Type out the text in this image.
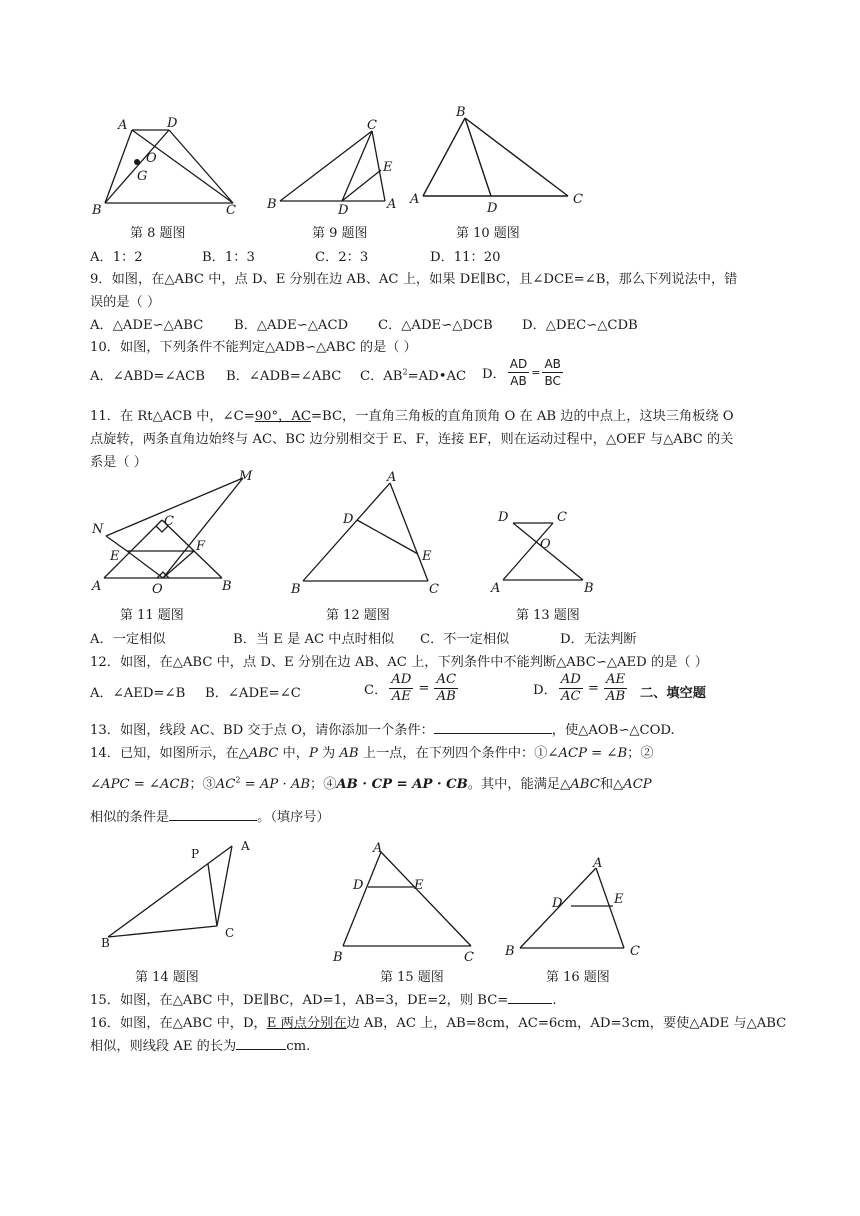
A	D
O
G
B	C
C
E
B	D	A
B
A
D
C
第 8 题图	第 9 题图	第 10 题图
A．1：2	B．1：3	C．2：3	D．11：20
9．如图，在△ABC 中，点 D、E 分别在边 AB、AC 上，如果 DE∥BC，且∠DCE=∠B，那么下列说法中，错
误的是（ ）
A．△ADE∽△ABC B．△ADE∽△ACD C．△ADE∽△DCB D．△DEC∽△CDB
10．如图，下列条件不能判定△ADB∽△ABC 的是（ ）
A．∠ABD=∠ACB B．∠ADB=∠ABC C．$AB^2=AD•AC$ D． $\frac{AD}{AB} = \frac{AB}{BC}$
11．在 Rt△ACB 中，∠C=90°，AC=BC，一直角三角板的直角顶角 O 在 AB 边的中点上，这块三角板绕 O
点旋转，两条直角边始终与 AC、BC 边分别相交于 E、F，连接 EF，则在运动过程中，△OEF 与△ABC 的关
系是（ ）
M
N
C
E
F
A	O	B
A
D
E
B	C
D	C
O
A	B
第 11 题图	第 12 题图	第 13 题图
A．一定相似	B．当 E 是 AC 中点时相似 C．不一定相似	D．无法判断
12．如图，在△ABC 中，点 D、E 分别在边 AB、AC 上，下列条件中不能判断△ABC∽△AED 的是（ ）
A．∠AED=∠B B．∠ADE=∠C	C． $\frac{AD}{AE} = \frac{AC}{AB}$	D． $\frac{AD}{AC} = \frac{AE}{AB}$ 二、填空题
13．如图，线段 AC、BD 交于点 O，请你添加一个条件：	，使△AOB∽△COD.
14．已知，如图所示，在△ABC 中，P 为 AB 上一点，在下列四个条件中：①∠ACP = ∠B；②
∠APC = ∠ACB；$③AC^2$ = AP · AB；④AB · CP = AP · CB。其中，能满足△ABC和△ACP
相似的条件是	。（填序号）
P
A
B
C
A
D	E
B	C
A
D	E
B	C
第 14 题图	第 15 题图	第 16 题图
15．如图，在△ABC 中，DE∥BC，AD=1，AB=3，DE=2，则 BC=	.
16．如图，在△ABC 中，D，E 两点分别在边 AB，AC 上，AB=8cm，AC=6cm，AD=3cm，要使△ADE 与△ABC
相似，则线段 AE 的长为	cm.
